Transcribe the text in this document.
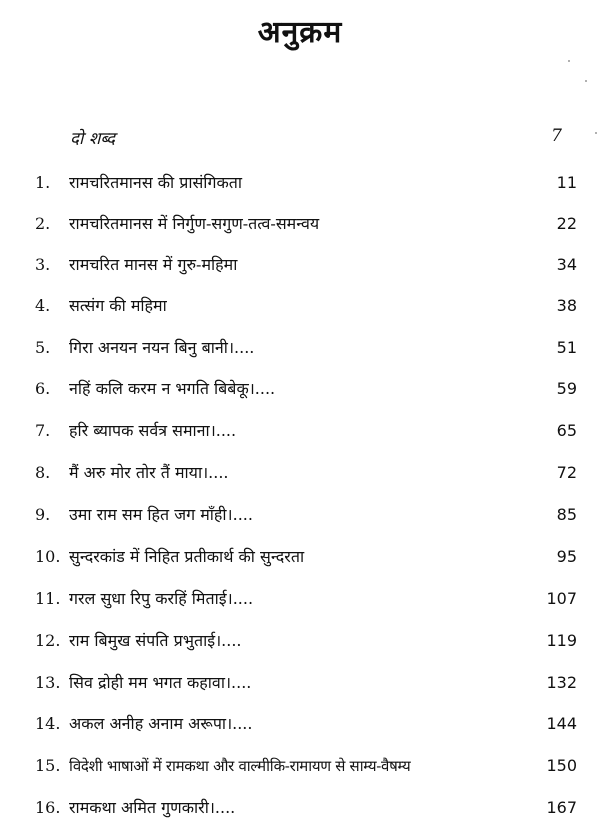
अनुक्रम
दो शब्द	7
1. रामचरितमानस की प्रासंगिकता	11
2. रामचरितमानस में निर्गुण-सगुण-तत्व-समन्वय	22
3. रामचरित मानस में गुरु-महिमा	34
4. सत्संग की महिमा	38
5. गिरा अनयन नयन बिनु बानी।....	51
6. नहिं कलि करम न भगति बिबेकू।....	59
7. हरि ब्यापक सर्वत्र समाना।....	65
8. मैं अरु मोर तोर तैं माया।....	72
9. उमा राम सम हित जग माँही।....	85
10. सुन्दरकांड में निहित प्रतीकार्थ की सुन्दरता	95
11. गरल सुधा रिपु करहिं मिताई।....	107
12. राम बिमुख संपति प्रभुताई।....	119
13. सिव द्रोही मम भगत कहावा।....	132
14. अकल अनीह अनाम अरूपा।....	144
15. विदेशी भाषाओं में रामकथा और वाल्मीकि-रामायण से साम्य-वैषम्य	150
16. रामकथा अमित गुणकारी।....	167
